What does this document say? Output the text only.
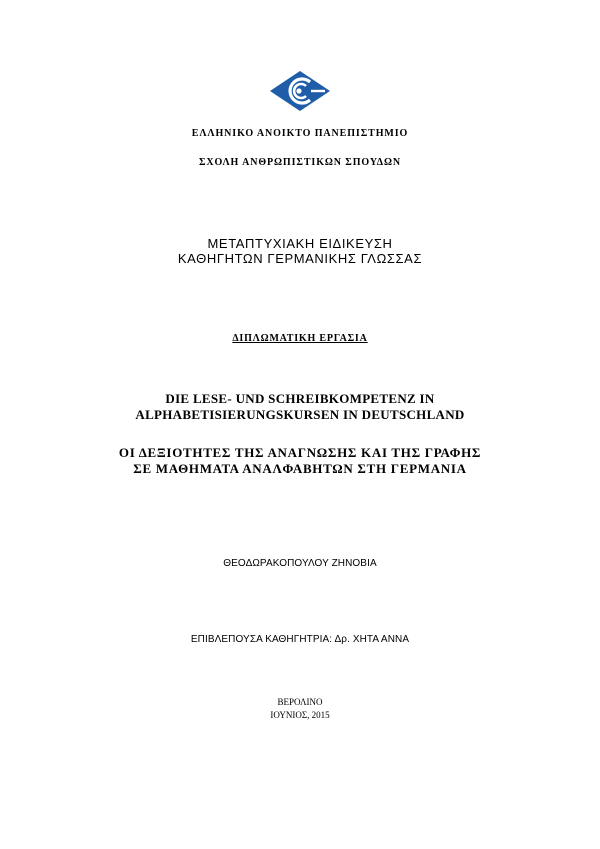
ΕΛΛΗΝΙΚΟ ΑΝΟΙΚΤΟ ΠΑΝΕΠΙΣΤΗΜΙΟ
ΣΧΟΛΗ ΑΝΘΡΩΠΙΣΤΙΚΩΝ ΣΠΟΥΔΩΝ
ΜΕΤΑΠΤΥΧΙΑΚΗ ΕΙΔΙΚΕΥΣΗ
ΚΑΘΗΓΗΤΩΝ ΓΕΡΜΑΝΙΚΗΣ ΓΛΩΣΣΑΣ
ΔΙΠΛΩΜΑΤΙΚΗ ΕΡΓΑΣΙΑ
DIE LESE- UND SCHREIBKOMPETENZ IN
ALPHABETISIERUNGSKURSEN IN DEUTSCHLAND
ΟΙ ΔΕΞΙΟΤΗΤΕΣ ΤΗΣ ΑΝΑΓΝΩΣΗΣ ΚΑΙ ΤΗΣ ΓΡΑΦΗΣ
ΣΕ ΜΑΘΗΜΑΤΑ ΑΝΑΛΦΑΒΗΤΩΝ ΣΤΗ ΓΕΡΜΑΝΙΑ
ΘΕΟΔΩΡΑΚΟΠΟΥΛΟΥ ΖΗΝΟΒΙΑ
ΕΠΙΒΛΕΠΟΥΣΑ ΚΑΘΗΓΗΤΡΙΑ: Δρ. ΧΗΤΑ ΑΝΝΑ
ΒΕΡΟΛΙΝΟ
ΙΟΥΝΙΟΣ, 2015
